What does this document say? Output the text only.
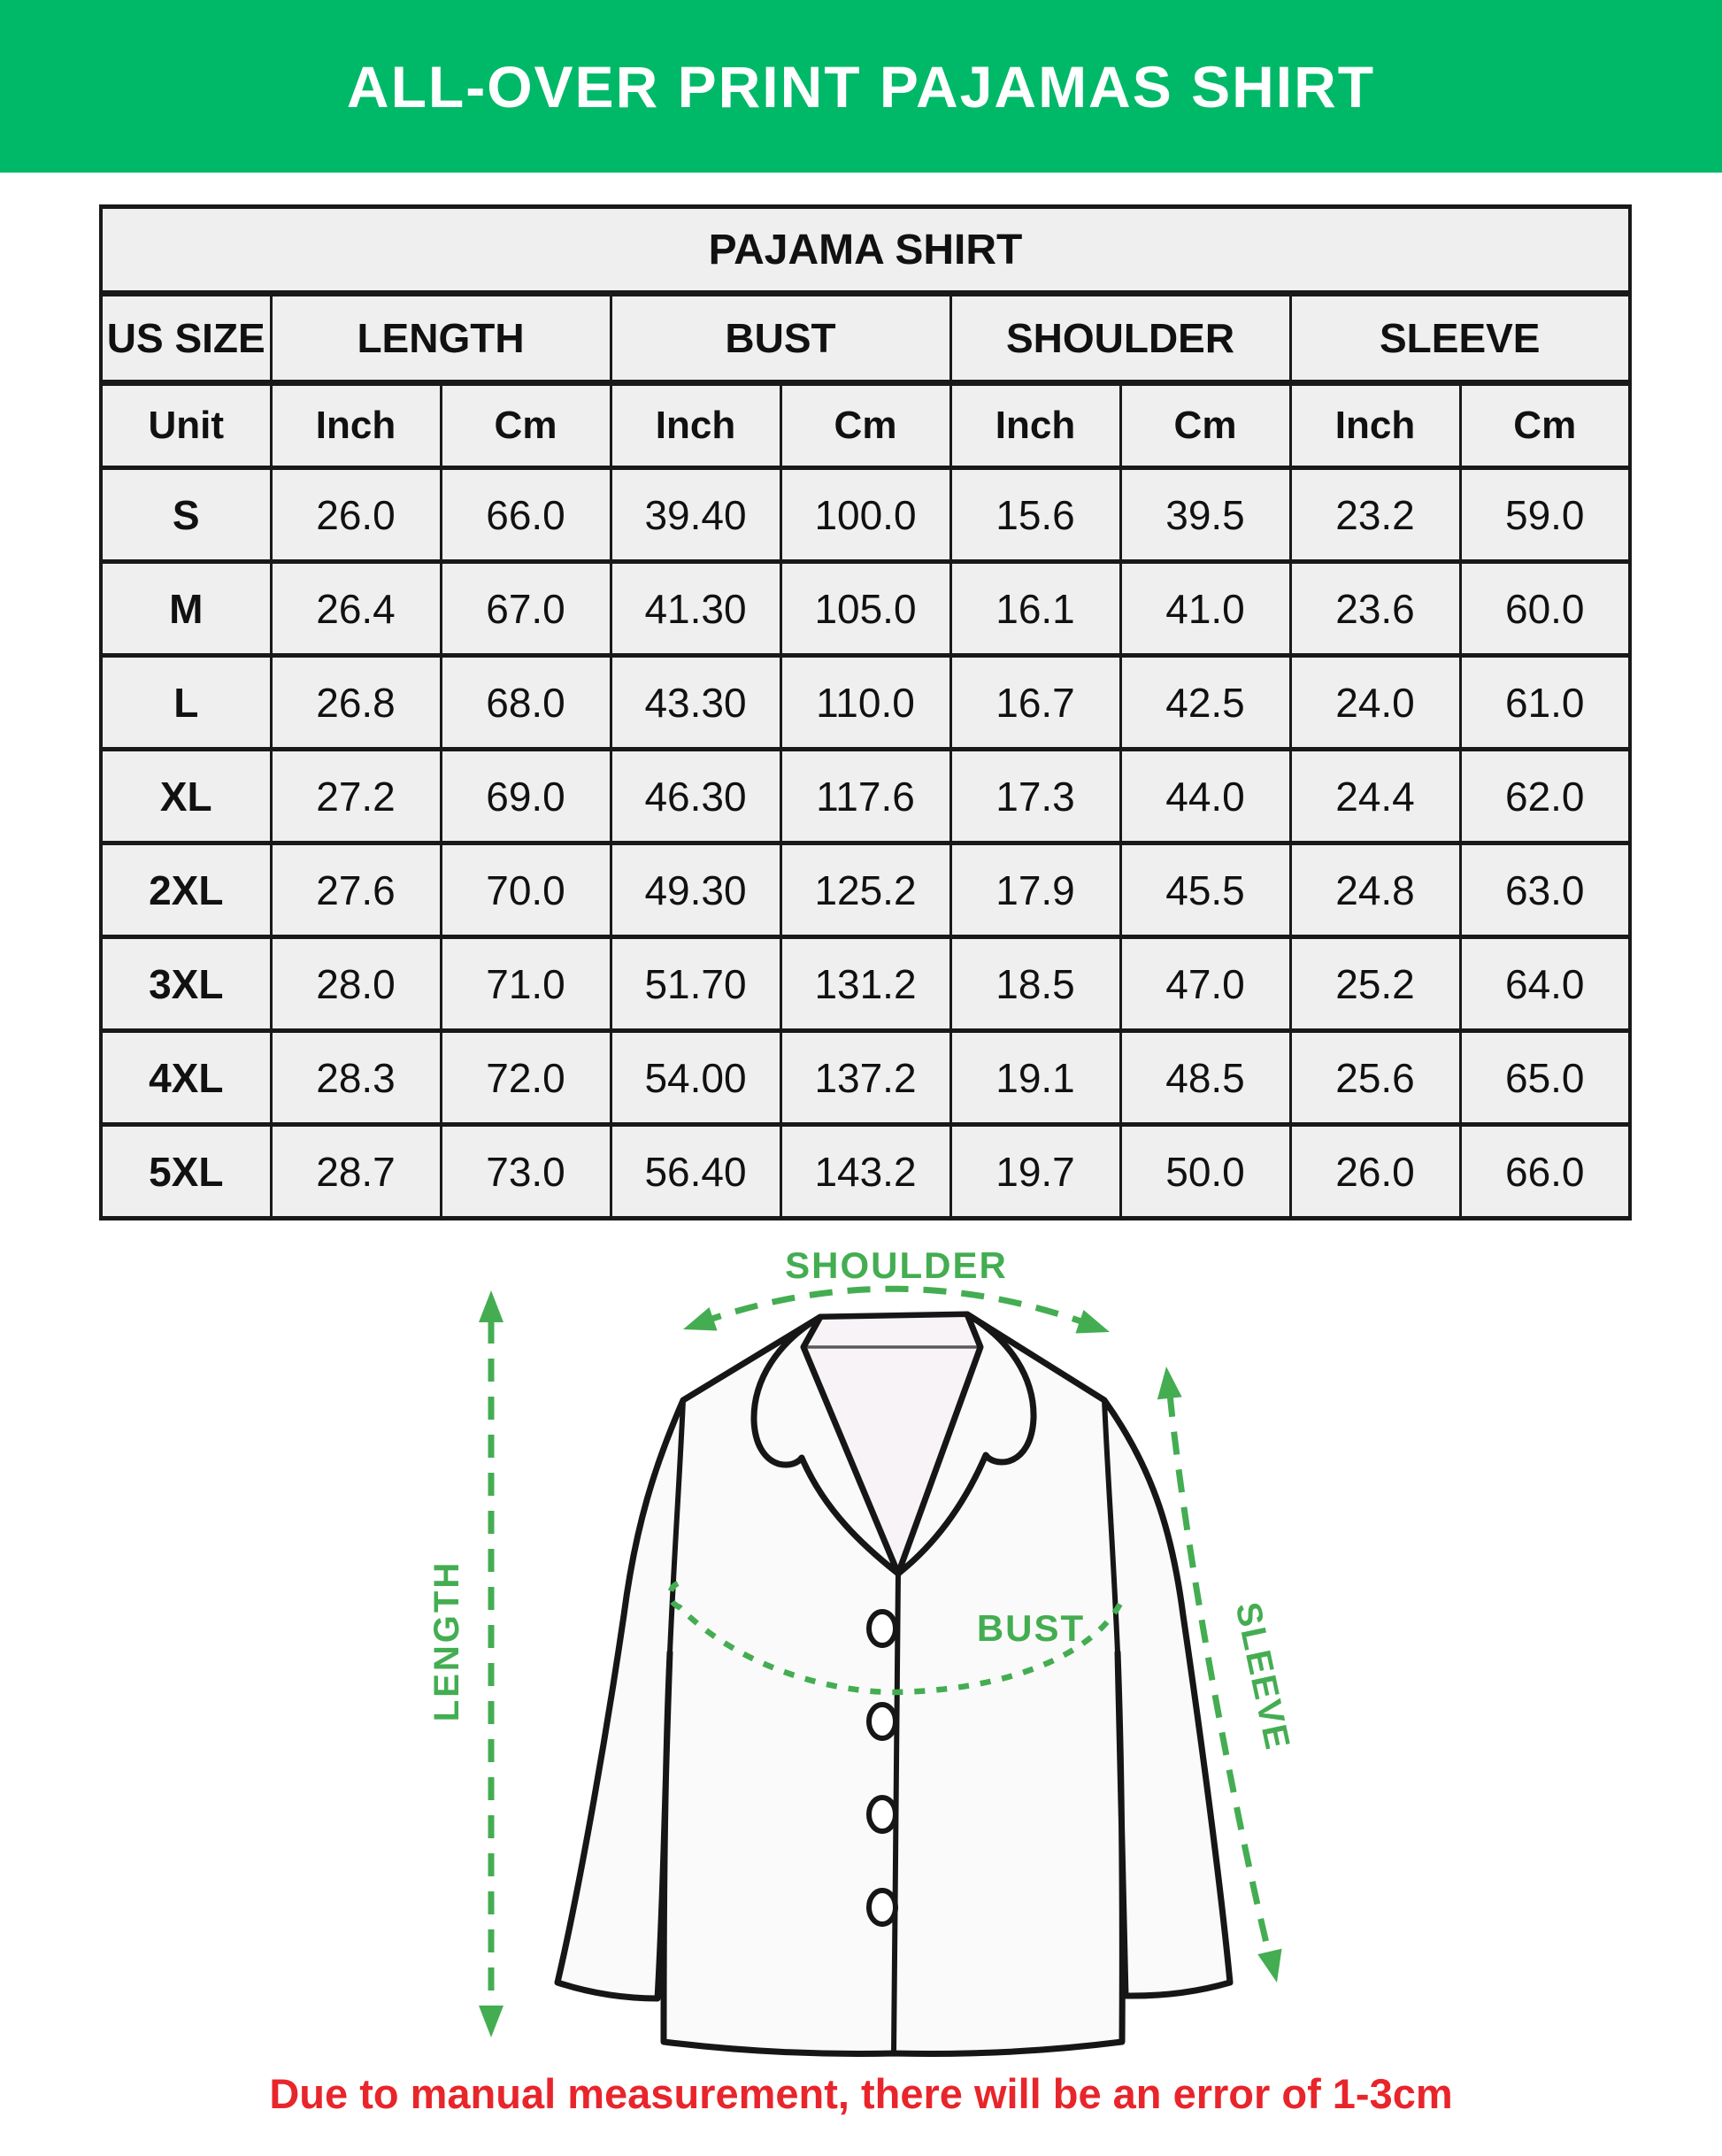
ALL-OVER PRINT PAJAMAS SHIRT
PAJAMA SHIRT								
US SIZE	LENGTH		BUST		SHOULDER		SLEEVE	
Unit	Inch	Cm	Inch	Cm	Inch	Cm	Inch	Cm
S	26.0	66.0	39.40	100.0	15.6	39.5	23.2	59.0
M	26.4	67.0	41.30	105.0	16.1	41.0	23.6	60.0
L	26.8	68.0	43.30	110.0	16.7	42.5	24.0	61.0
XL	27.2	69.0	46.30	117.6	17.3	44.0	24.4	62.0
2XL	27.6	70.0	49.30	125.2	17.9	45.5	24.8	63.0
3XL	28.0	71.0	51.70	131.2	18.5	47.0	25.2	64.0
4XL	28.3	72.0	54.00	137.2	19.1	48.5	25.6	65.0
5XL	28.7	73.0	56.40	143.2	19.7	50.0	26.0	66.0
LENGTH
SHOULDER
BUST	SLEEVE
Due to manual measurement, there will be an error of 1-3cm
